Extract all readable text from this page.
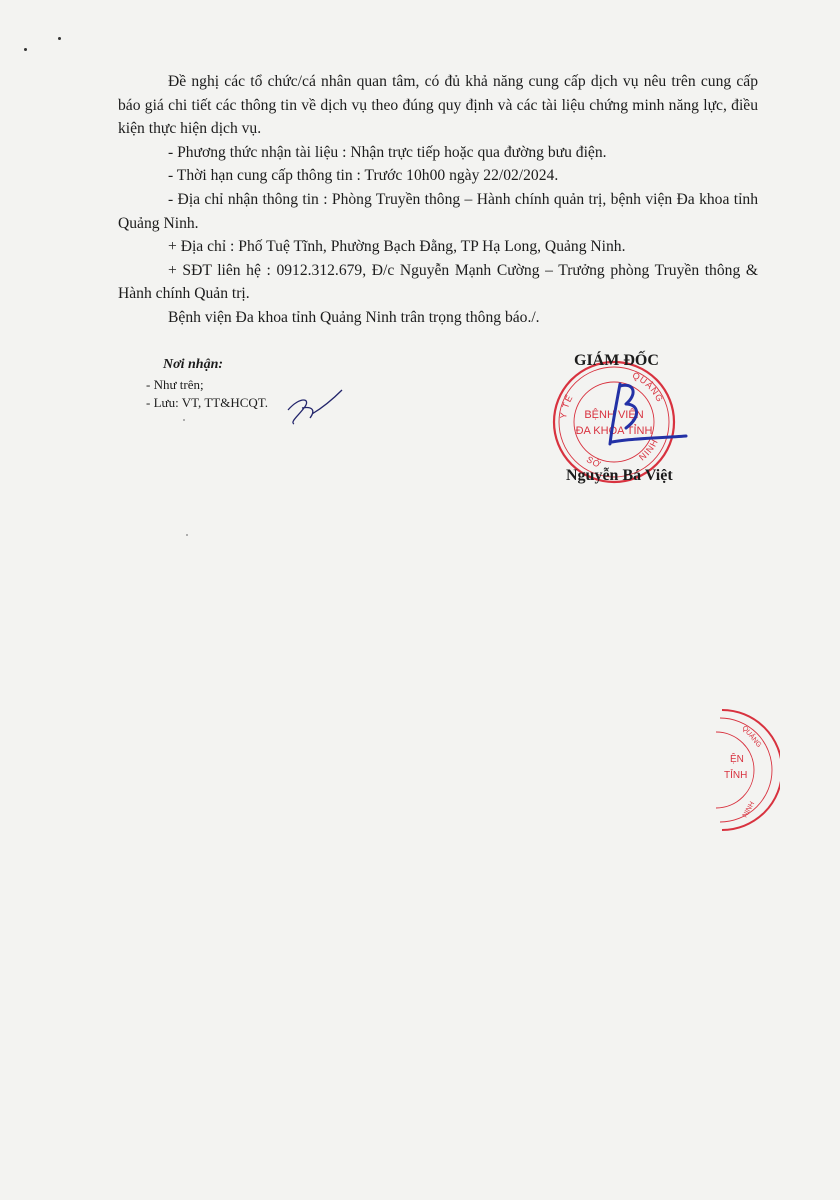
Đề nghị các tổ chức/cá nhân quan tâm, có đủ khả năng cung cấp dịch vụ nêu trên cung cấp báo giá chi tiết các thông tin về dịch vụ theo đúng quy định và các tài liệu chứng minh năng lực, điều kiện thực hiện dịch vụ.

- Phương thức nhận tài liệu : Nhận trực tiếp hoặc qua đường bưu điện.

- Thời hạn cung cấp thông tin : Trước 10h00 ngày 22/02/2024.

- Địa chỉ nhận thông tin : Phòng Truyền thông – Hành chính quản trị, bệnh viện Đa khoa tỉnh Quảng Ninh.

+ Địa chỉ : Phố Tuệ Tĩnh, Phường Bạch Đằng, TP Hạ Long, Quảng Ninh.

+ SĐT liên hệ : 0912.312.679, Đ/c Nguyễn Mạnh Cường – Trưởng phòng Truyền thông & Hành chính Quản trị.

Bệnh viện Đa khoa tỉnh Quảng Ninh trân trọng thông báo./.

Nơi nhận:
- Như trên;
- Lưu: VT, TT&HCQT.
QUẢNG
Y TẾ
NINH
SỞ
BỆNH VIỆN
ĐA KHOA TỈNH
GIÁM ĐỐC
Nguyễn Bá Việt
ỆN
TỈNH
QUẢNG
NINH
